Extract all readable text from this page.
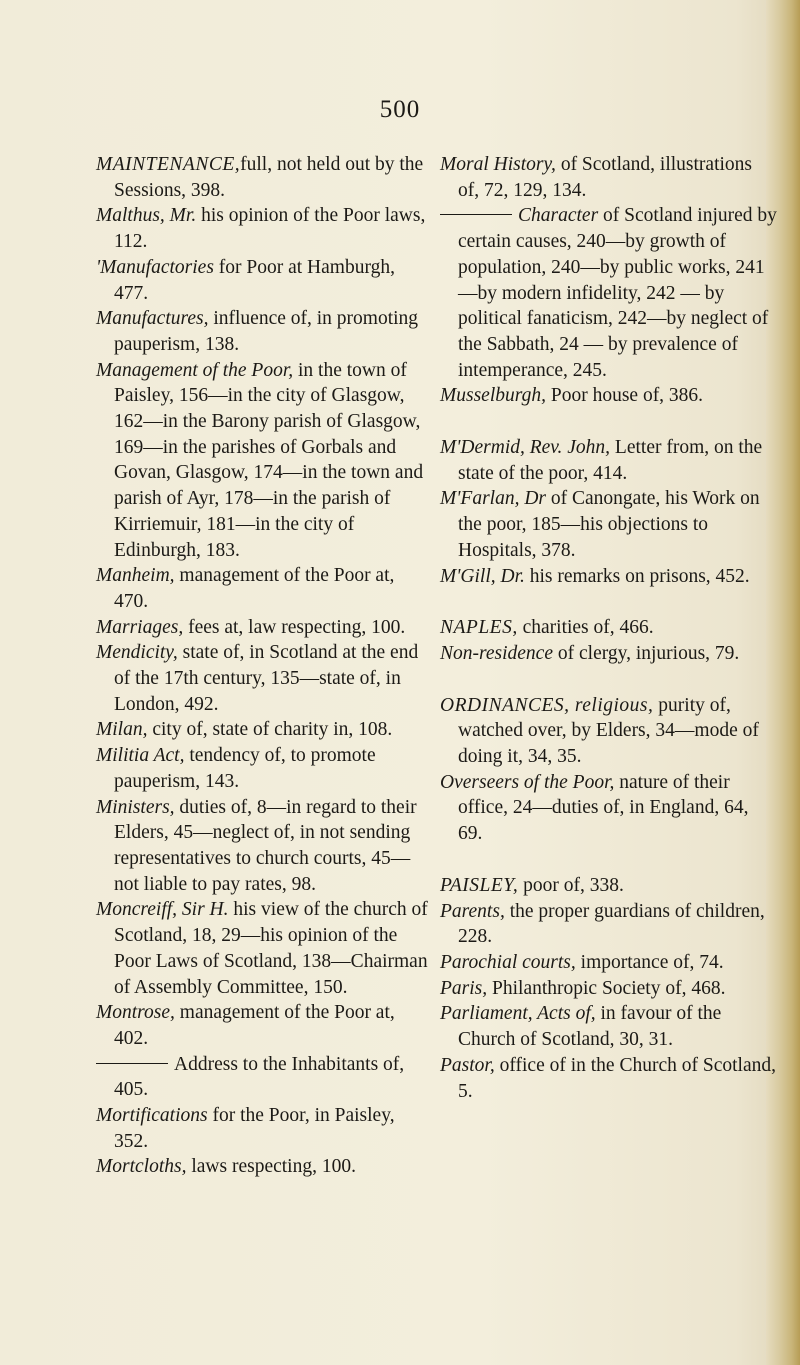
500

MAINTENANCE,full, not held out by the Sessions, 398.

Malthus, Mr. his opinion of the Poor laws, 112.

'Manufactories for Poor at Hamburgh, 477.

Manufactures, influence of, in promoting pauperism, 138.

Management of the Poor, in the town of Paisley, 156—in the city of Glasgow, 162—in the Barony parish of Glasgow, 169—in the parishes of Gorbals and Govan, Glasgow, 174—in the town and parish of Ayr, 178—in the parish of Kirriemuir, 181—in the city of Edinburgh, 183.

Manheim, management of the Poor at, 470.

Marriages, fees at, law respecting, 100.

Mendicity, state of, in Scotland at the end of the 17th century, 135—state of, in London, 492.

Milan, city of, state of charity in, 108.

Militia Act, tendency of, to promote pauperism, 143.

Ministers, duties of, 8—in regard to their Elders, 45—neglect of, in not sending representatives to church courts, 45—not liable to pay rates, 98.

Moncreiff, Sir H. his view of the church of Scotland, 18, 29—his opinion of the Poor Laws of Scotland, 138—Chairman of Assembly Committee, 150.

Montrose, management of the Poor at, 402.

Address to the Inhabitants of, 405.

Mortifications for the Poor, in Paisley, 352.

Mortcloths, laws respecting, 100.

Moral History, of Scotland, illustrations of, 72, 129, 134.

Character of Scotland injured by certain causes, 240—by growth of population, 240—by public works, 241—by modern infidelity, 242 — by political fanaticism, 242—by neglect of the Sabbath, 24 — by prevalence of intemperance, 245.

Musselburgh, Poor house of, 386.

M'Dermid, Rev. John, Letter from, on the state of the poor, 414.

M'Farlan, Dr of Canongate, his Work on the poor, 185—his objections to Hospitals, 378.

M'Gill, Dr. his remarks on prisons, 452.

NAPLES, charities of, 466.

Non-residence of clergy, injurious, 79.

ORDINANCES, religious, purity of, watched over, by Elders, 34—mode of doing it, 34, 35.

Overseers of the Poor, nature of their office, 24—duties of, in England, 64, 69.

PAISLEY, poor of, 338.

Parents, the proper guardians of children, 228.

Parochial courts, importance of, 74.

Paris, Philanthropic Society of, 468.

Parliament, Acts of, in favour of the Church of Scotland, 30, 31.

Pastor, office of in the Church of Scotland, 5.
